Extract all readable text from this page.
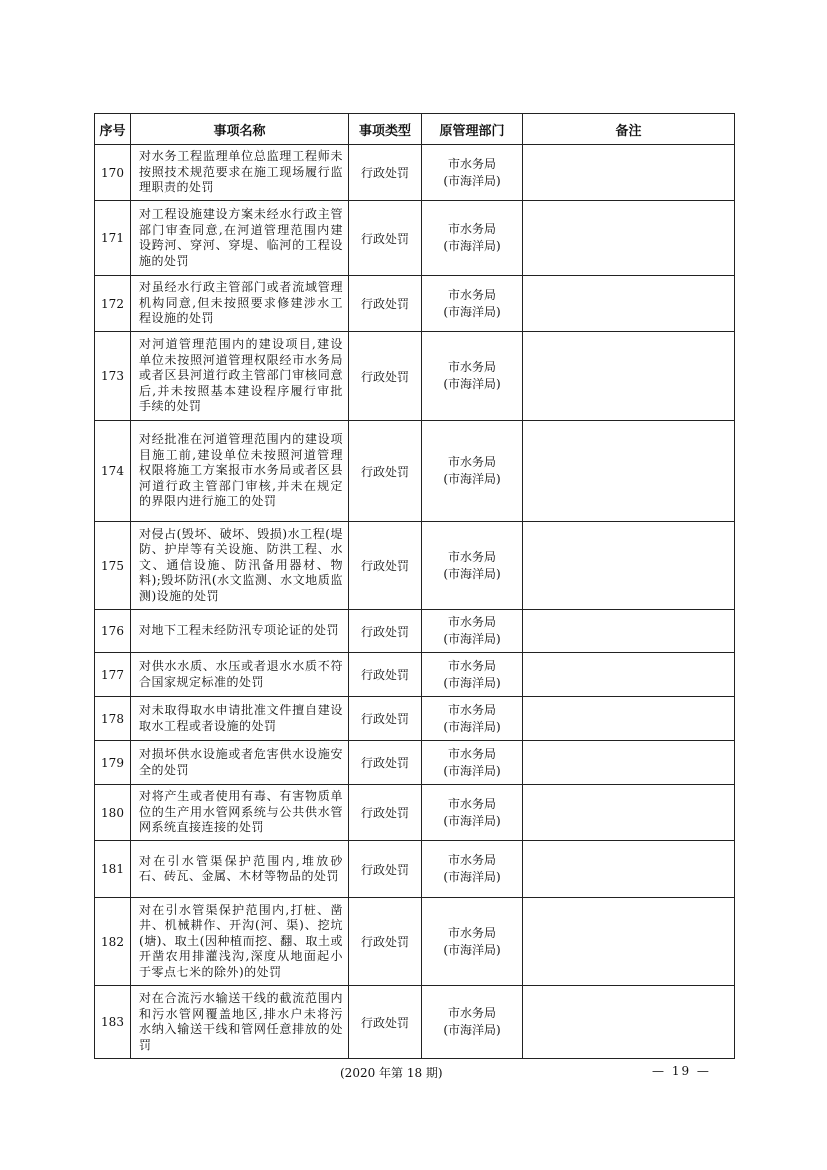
序号	事项名称	事项类型	原管理部门	备注
170	对水务工程监理单位总监理工程师未按照技术规范要求在施工现场履行监理职责的处罚	行政处罚	市水务局
(市海洋局)	

171	对工程设施建设方案未经水行政主管部门审查同意,在河道管理范围内建设跨河、穿河、穿堤、临河的工程设施的处罚	行政处罚	市水务局
(市海洋局)	

172	对虽经水行政主管部门或者流域管理机构同意,但未按照要求修建涉水工程设施的处罚	行政处罚	市水务局
(市海洋局)	

173	对河道管理范围内的建设项目,建设单位未按照河道管理权限经市水务局或者区县河道行政主管部门审核同意后,并未按照基本建设程序履行审批手续的处罚	行政处罚	市水务局
(市海洋局)	

174	对经批准在河道管理范围内的建设项目施工前,建设单位未按照河道管理权限将施工方案报市水务局或者区县河道行政主管部门审核,并未在规定的界限内进行施工的处罚	行政处罚	市水务局
(市海洋局)	

175	对侵占(毁坏、破坏、毁损)水工程(堤防、护岸等有关设施、防洪工程、水文、通信设施、防汛备用器材、物料);毁坏防汛(水文监测、水文地质监测)设施的处罚	行政处罚	市水务局
(市海洋局)	

176	对地下工程未经防汛专项论证的处罚	行政处罚	市水务局
(市海洋局)	

177	对供水水质、水压或者退水水质不符合国家规定标准的处罚	行政处罚	市水务局
(市海洋局)	

178	对未取得取水申请批准文件擅自建设取水工程或者设施的处罚	行政处罚	市水务局
(市海洋局)	

179	对损坏供水设施或者危害供水设施安全的处罚	行政处罚	市水务局
(市海洋局)	

180	对将产生或者使用有毒、有害物质单位的生产用水管网系统与公共供水管网系统直接连接的处罚	行政处罚	市水务局
(市海洋局)	

181	对在引水管渠保护范围内,堆放砂石、砖瓦、金属、木材等物品的处罚	行政处罚	市水务局
(市海洋局)	

182	对在引水管渠保护范围内,打桩、凿井、机械耕作、开沟(河、渠)、挖坑(塘)、取土(因种植而挖、翻、取土或开凿农用排灌浅沟,深度从地面起小于零点七米的除外)的处罚	行政处罚	市水务局
(市海洋局)	

183	对在合流污水输送干线的截流范围内和污水管网覆盖地区,排水户未将污水纳入输送干线和管网任意排放的处罚	行政处罚	市水务局
(市海洋局)	

(2020 年第 18 期)	— 19 —
